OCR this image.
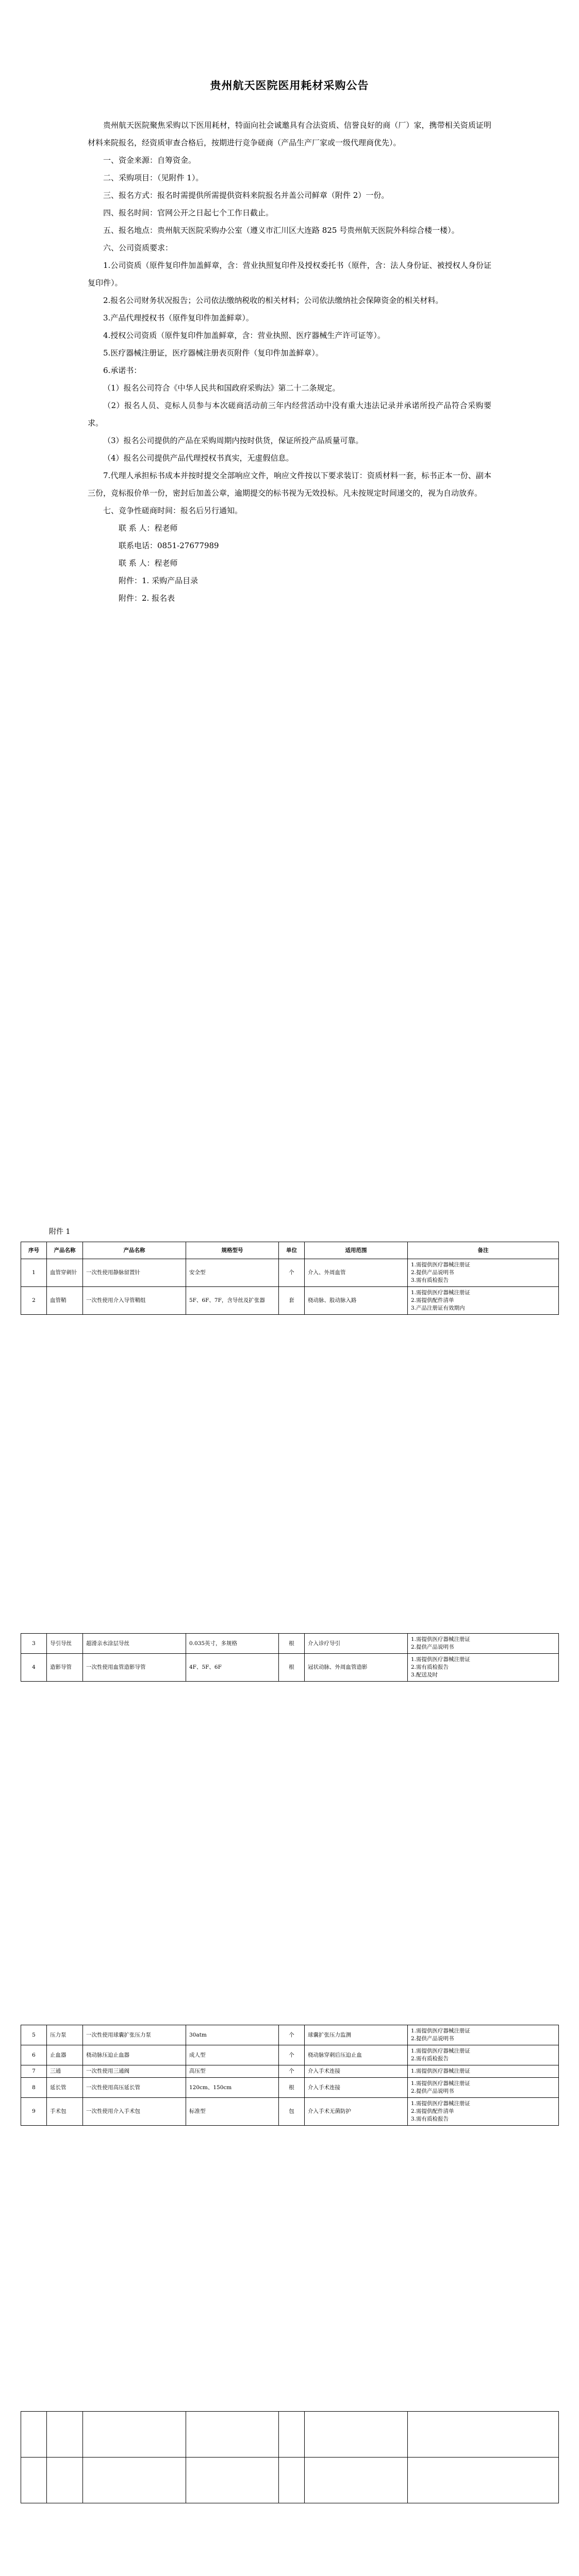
贵州航天医院医用耗材采购公告

贵州航天医院聚焦采购以下医用耗材，特面向社会诚邀具有合法资质、信誉良好的商（厂）家，携带相关资质证明材料来院报名，经资质审查合格后，按期进行竞争磋商（产品生产厂家或一级代理商优先）。

一、资金来源：自筹资金。

二、采购项目：（见附件 1）。

三、报名方式：报名时需提供所需提供资料来院报名并盖公司鲜章（附件 2）一份。

四、报名时间：官网公开之日起七个工作日截止。

五、报名地点：贵州航天医院采购办公室（遵义市汇川区大连路 825 号贵州航天医院外科综合楼一楼）。

六、公司资质要求：

1.公司资质（原件复印件加盖鲜章，含：营业执照复印件及授权委托书（原件，含：法人身份证、被授权人身份证复印件）。

2.报名公司财务状况报告；公司依法缴纳税收的相关材料；公司依法缴纳社会保障资金的相关材料。

3.产品代理授权书（原件复印件加盖鲜章）。

4.授权公司资质（原件复印件加盖鲜章，含：营业执照、医疗器械生产许可证等）。

5.医疗器械注册证，医疗器械注册表页附件（复印件加盖鲜章）。

6.承诺书：

（1）报名公司符合《中华人民共和国政府采购法》第二十二条规定。

（2）报名人员、竞标人员参与本次磋商活动前三年内经营活动中没有重大违法记录并承诺所投产品符合采购要求。

（3）报名公司提供的产品在采购周期内按时供货，保证所投产品质量可靠。

（4）报名公司提供产品代理授权书真实，无虚假信息。

7.代理人承担标书成本并按时提交全部响应文件，响应文件按以下要求装订：资质材料一套，标书正本一份、副本三份，竞标报价单一份，密封后加盖公章，逾期提交的标书视为无效投标。凡未按规定时间递交的，视为自动放弃。

七、竞争性磋商时间：报名后另行通知。

联 系 人：程老师

联系电话：0851-27677989

联 系 人：程老师

附件：1. 采购产品目录

附件：2. 报名表

附件 1
序号	产品名称	产品名称	规格型号	单位	适用范围	备注
1	血管穿刺针	一次性使用静脉留置针	安全型	个	介入、外周血管	1.需提供医疗器械注册证
2.提供产品说明书
3.需有质检报告
2	血管鞘	一次性使用介入导管鞘组	5F、6F、7F，含导丝及扩张器	套	桡动脉、股动脉入路	1.需提供医疗器械注册证
2.需提供配件清单
3.产品注册证有效期内
3	导引导丝	超滑亲水涂层导丝	0.035英寸，多规格	根	介入诊疗导引	1.需提供医疗器械注册证
2.提供产品说明书
4	造影导管	一次性使用血管造影导管	4F、5F、6F	根	冠状动脉、外周血管造影	1.需提供医疗器械注册证
2.需有质检报告
3.配送及时
5	压力泵	一次性使用球囊扩张压力泵	30atm	个	球囊扩张压力监测	1.需提供医疗器械注册证
2.提供产品说明书
6	止血器	桡动脉压迫止血器	成人型	个	桡动脉穿刺后压迫止血	1.需提供医疗器械注册证
2.需有质检报告
7	三通	一次性使用三通阀	高压型	个	介入手术连接	1.需提供医疗器械注册证
8	延长管	一次性使用高压延长管	120cm、150cm	根	介入手术连接	1.需提供医疗器械注册证
2.提供产品说明书
9	手术包	一次性使用介入手术包	标准型	包	介入手术无菌防护	1.需提供医疗器械注册证
2.需提供配件清单
3.需有质检报告
